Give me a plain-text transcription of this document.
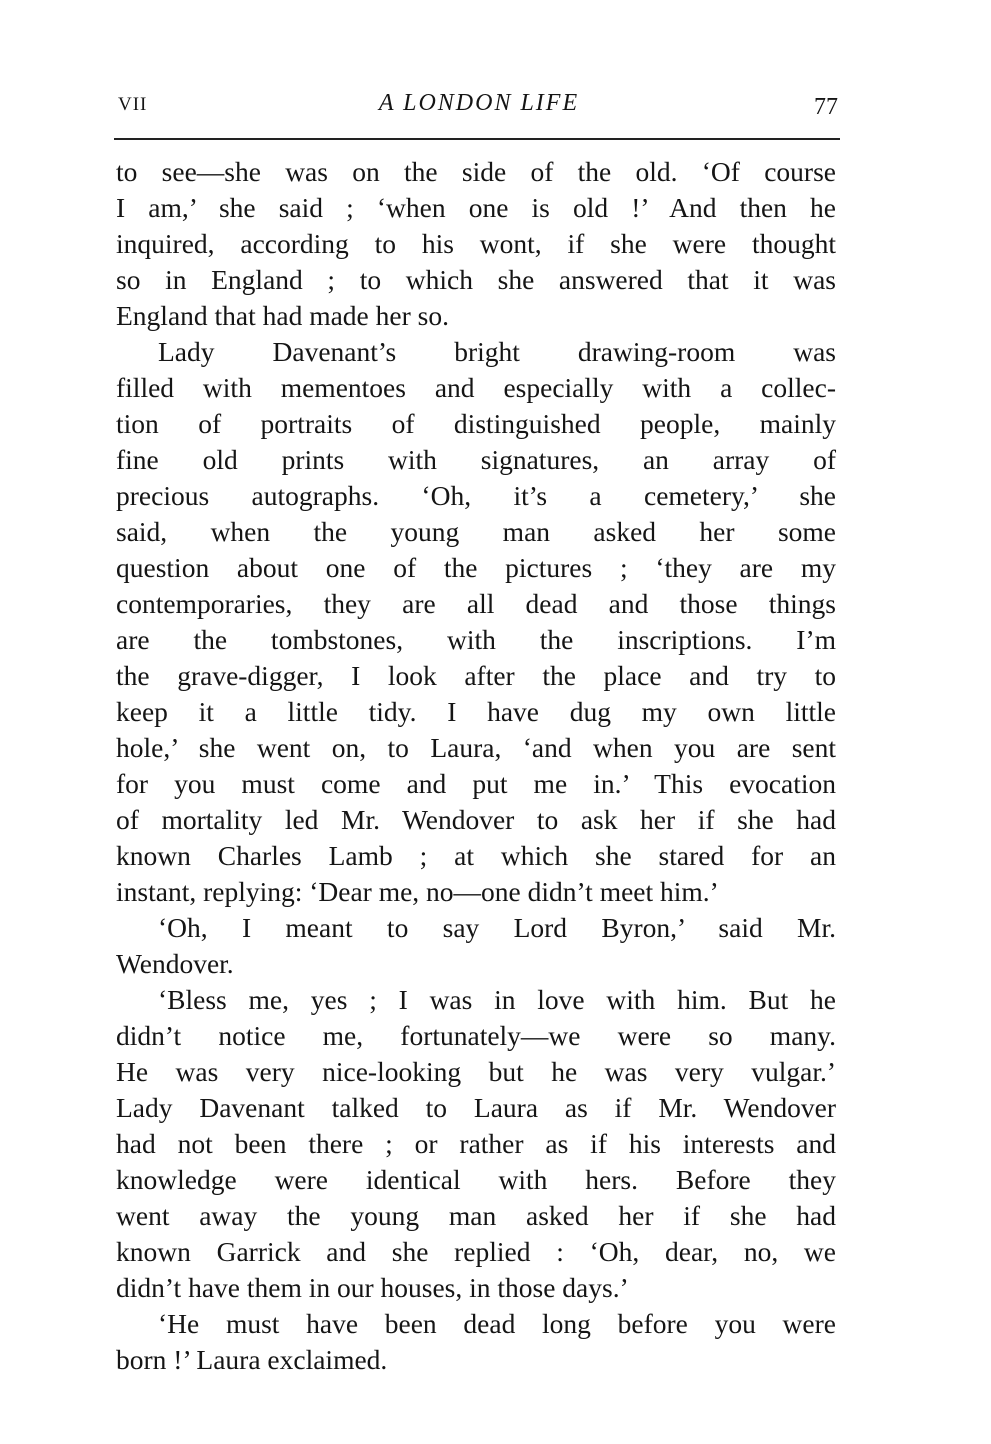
VII	A LONDON LIFE	77
to see—she was on the side of the old. ‘Of course
I am,’ she said ; ‘when one is old !’ And then he
inquired, according to his wont, if she were thought
so in England ; to which she answered that it was
England that had made her so.
Lady Davenant’s bright drawing-room was
filled with mementoes and especially with a collec-
tion of portraits of distinguished people, mainly
fine old prints with signatures, an array of
precious autographs. ‘Oh, it’s a cemetery,’ she
said, when the young man asked her some
question about one of the pictures ; ‘they are my
contemporaries, they are all dead and those things
are the tombstones, with the inscriptions. I’m
the grave-digger, I look after the place and try to
keep it a little tidy. I have dug my own little
hole,’ she went on, to Laura, ‘and when you are sent
for you must come and put me in.’ This evocation
of mortality led Mr. Wendover to ask her if she had
known Charles Lamb ; at which she stared for an
instant, replying: ‘Dear me, no—one didn’t meet him.’
‘Oh, I meant to say Lord Byron,’ said Mr.
Wendover.
‘Bless me, yes ; I was in love with him. But he
didn’t notice me, fortunately—we were so many.
He was very nice-looking but he was very vulgar.’
Lady Davenant talked to Laura as if Mr. Wendover
had not been there ; or rather as if his interests and
knowledge were identical with hers. Before they
went away the young man asked her if she had
known Garrick and she replied : ‘Oh, dear, no, we
didn’t have them in our houses, in those days.’
‘He must have been dead long before you were
born !’ Laura exclaimed.
